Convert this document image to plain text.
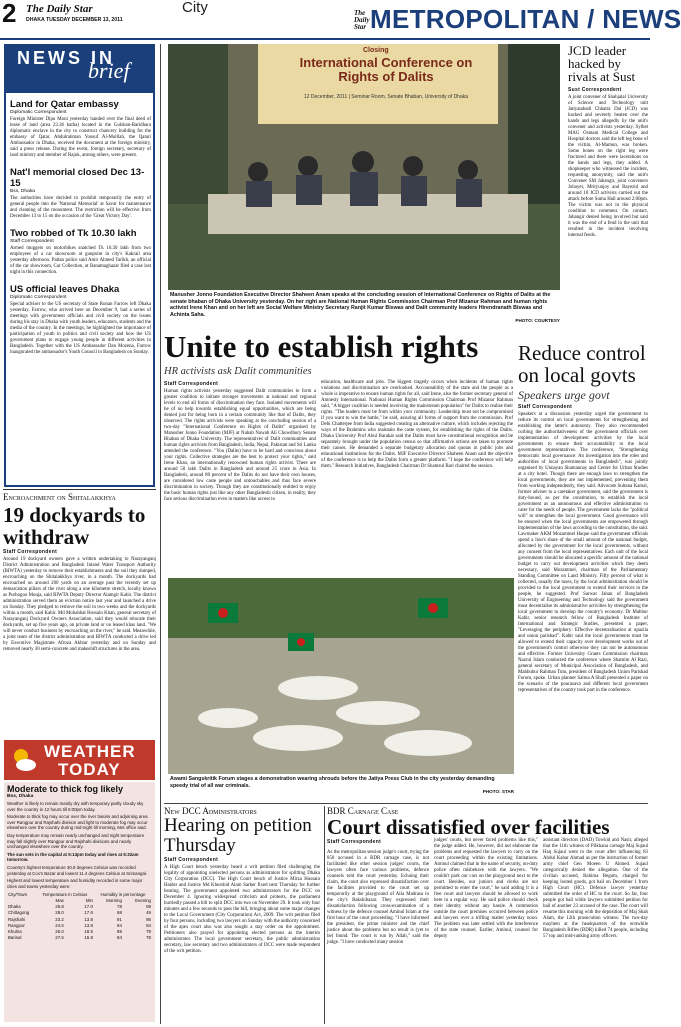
2 The Daily Star
DHAKA TUESDAY DECEMBER 13, 2011
City	The Daily Star METROPOLITAN / NEWS
NEWS IN
brief
Land for Qatar embassy
Diplomatic Correspondent
Foreign Minister Dipu Moni yesterday handed over the final deed of lease of land (area 23.36 katha) located in the Gulshan-Baridhara diplomatic enclave in the city to construct chancery building for the embassy of Qatar. Abdulrahman Yousuf Al-Mulllah, the Qatari Ambassador in Dhaka, received the document at the foreign ministry, said a press release. During the event, foreign secretary, secretary of land ministry and member of Rajuk, among others, were present.
Nat'l memorial closed Dec 13-15
Bss, Dhaka
The authorities have decided to prohibit temporarily the entry of general people into the 'National Memorial' at Savar for maintenance and cleaning of the monument. The restriction will be effective from December 13 to 15 on the occasion of the 'Great Victory Day'.
Two robbed of Tk 10.30 lakh
Staff Correspondent
Armed muggers on motorbikes snatched Tk 10.30 lakh from two employees of a car showroom at gunpoint in city's Kakrail area yesterday afternoon. Paltan police said Amir Ahmed Tarikh, an official of the car showroom, Car Collection, at Banamaghazar filed a case last night in this connection.
US official leaves Dhaka
Diplomatic Correspondent
Special adviser to the US secretary of State Ronan Farrow left Dhaka yesterday. Farrow, who arrived here on December 9, had a series of meetings with government officials and civil society on the issues during his stay in Dhaka with youth leaders, educators, students and the media of the country. In the meetings, he highlighted the importance of participation of youth in politics and civil society and how the US government plans to engage young people in different activities in Bangladesh. Together with the US Ambassador Dan Mozena, Farrow inaugurated the ambassador's Youth Council in Bangladesh on Sunday.
Encroachment on Shitalakkhya
19 dockyards to withdraw
Staff Correspondent
Around 19 dockyard owners gave a written undertaking to Narayanganj District Administration and Bangladesh Inland Water Transport Authority (BIWTA) yesterday to remove their establishments and the soil they dumped, encroaching on the Shitalakkhya river, in a month. The dockyards had encroached on around 200 yards on an average past the recently set up demarcation pillars of the river along a one kilometre stretch, locally known as Purbogoo Mouja, said BIWTA Deputy Director Alamgir Kabir. The district administration served them an eviction notice last year and launched a drive on Sunday. They pledged to remove the soil in two weeks and the dockyards within a month, said Kabir. Md Mobahbat Hossain Khan, general secretary of Narayanganj Dockyard Owners Association, said they would relocate their dockyards, set up five years ago, on private land or on leased khas land. "We will never conduct business by encroaching on the river," he said. Meanwhile, a joint team of the district administration and BIWTA conducted a drive led by Executive Magistrate Afroza Akhtar yesterday and on Sunday and removed nearly 30 semi-concrete and makeshift structures in the area.
WEATHER
TODAY
Moderate to thick fog likely
Bss, Dhaka
Weather is likely to remain mainly dry with temporary partly cloudy sky over the country in 12 hours till 6:00pm today.
Moderate to thick fog may occur over the river basins and adjoining area over Rangpur and Rajshahi division and light to moderate fog may occur elsewhere over the country during mid-night till morning, Met office said.
Day temperature may remain nearly unchanged and night temperature may fall slightly over Rangpur and Rajshahi divisions and nearly unchanged elsewhere over the country.
The sun sets in the capital at 5:13pm today and rises at 6:32am tomorrow.
Country's highest temperature 30.8 degrees Celsius was recorded yesterday at Cox's Bazar and lowest 11.4 degrees Celsius at Srimangal.
Highest and lowest temperature and humidity recorded in some major cities and towns yesterday were:
City/Town	Temperature in Celsius		Humidity in percentage	
	Max	Min	Morning	Evening
Dhaka	25.8	17.0	78	59
Chittagong	28.0	17.6	68	49
Rajshahi	23.2	13.8	91	86
Rangpur	24.5	13.8	94	84
Khulna	26.0	18.5	89	79
Barisal	27.5	16.8	84	78
Closing
International Conference on Rights of Dalits
12 December, 2011 | Seminar Room, Senate Bhaban, University of Dhaka
Manusher Jonno Foundation Executive Director Shaheen Anam speaks at the concluding session of International Conference on Rights of Dalits at the senate bhaban of Dhaka University yesterday. On her right are National Human Rights Commission Chairman Prof Mizanur Rahman and human rights activist Irene Khan and on her left are Social Welfare Ministry Secretary Ranjit Kumar Biswas and Dalit community leaders Hirendranath Biswas and Achinta Saha.
PHOTO: COURTESY
Unite to establish rights
HR activists ask Dalit communities
Staff Correspondent
Human rights activists yesterday suggested Dalit communities to form a greater coalition to initiate stronger movements at national and regional levels to end all forms of discrimination they face. Isolated movements will be of no help towards establishing equal opportunities, which are being denied just for being born in a certain community like that of Dalits, they observed. The rights activists were speaking at the concluding session of a two-day "International Conference on Rights of Dalits" organised by Manusher Jonno Foundation (MJF) at Nabab Nawab Ali Chowdhury Senate Bhaban of Dhaka University. The representatives of Dalit communities and human rights activists from Bangladesh, India, Nepal, Pakistan and Sri Lanka attended the conference. "You (Dalits) have to be hard and conscious about your rights. Collective strategies are the best to protect your rights," said Irene Khan, an internationally renowned human rights activist. There are around 50 lakh Dalits in Bangladesh and around 25 crore in Asia. In Bangladesh, around 80 percent of the Dalits do not have their own houses, are considered low caste people and untouchables and thus face severe discrimination in society. Though they are constitutionally entitled to enjoy the basic human rights just like any other Bangladeshi citizen, in reality, they face serious discrimination even in matters like access to
education, healthcare and jobs. The biggest tragedy occurs when incidents of human rights violations and discrimination are overlooked. Accountability of the state and the people as a whole is imperative to ensure human rights for all, said Irene, also the former secretary general of Amnesty International. National Human Rights Commission Chairman Prof Mizanur Rahman said, "A bigger coalition is needed involving the mainstream population" for Dalits to realise their rights. "The leaders must be from within your community. Leadership must not be compromised if you want to win the battle," he said, assuring all forms of support from the commission. Prof Debi Chatterjee from India suggested creating an alternative culture, which includes rejecting the ways of the Brahmins who maintain the caste system, for establishing the rights of the Dalits. Dhaka University Prof Abul Barakat said the Dalits must have constitutional recognition and be separately brought under the population census so that affirmative actions are taken to promote their causes. He demanded a separate budgetary allocation and quotas in public jobs and educational institutions for the Dalits. MJF Executive Director Shaheen Anam said the objective of the conference is to help the Dalits form a greater platform. "I hope the conference will help them." Research Initiatives, Bangladesh Chairman Dr Shamsul Bari chaired the session.
Awami Sangskritik Forum stages a demonstration wearing shrouds before the Jatiya Press Club in the city yesterday demanding speedy trial of all war criminals.
PHOTO: STAR
JCD leader hacked by rivals at Sust
Sust Correspondent
A joint convener of Shahjalal University of Science and Technology unit Jatiyatabadi Chhatra Dal (JCD) was hacked and severely beaten over the hands and legs allegedly by the unit's convener and activists yesterday. Sylhet MAG Osmani Medical College and Hospital doctors said the left leg bone of the victim, Al-Mamun, was broken. Some bones on the right leg were fractured and there were lacerations on the hands and legs, they added. A shopkeeper who witnessed the incident, requesting anonymity, said the unit's Convener SM Jahangir, joint conveners Jobayer, Mrityunjoy and Bayezid and around 10 JCD activists carried out the attack before Suma Hall around 2:00pm. The victim was not in the physical condition to comment. On contact, Jahangir denied being involved but said it was the end of a feud in the unit that resulted in the incident involving internal feuds.
Reduce control on local govts
Speakers urge govt
Staff Correspondent
Speakers at a discussion yesterday urged the government to reduce its control on local governments for strengthening and establishing the latter's autonomy. They also recommended curbing the authoritativeness of the government officials over implementation of development activities by the local governments to ensure their accountability to the local government representatives. The conference, "Strengthening democratic local governance: An investigation into the roles and authorities of local governments in Bangladesh", was jointly organised by Unnayan Shamannay and Centre for Urban Studies at a city hotel. Though there are enough laws to strengthen the local governments, they are not implemented, preventing them from working independently, they said. Advocate Sultana Kamal, former adviser to a caretaker government, said the government is duty-bound, as per the constitution, to establish the local government as an autonomous and effective administration to cater for the needs of people. The government lacks the "political will" to strengthen the local government. Good governance will be ensured when the local governments are empowered through implementation of the laws according to the constitution, she said. Lawmaker AKM Mozammel Haque said the government officials spend a lion's share of the small amount of the national budget, allocated by the government for the local governments, without any consent from the local representatives. Each unit of the local governments should be allocated a specific amount of the national budget to carry out development activities which they deem necessary, said Mozammel, chairman of the Parliamentary Standing Committee on Land Ministry. Fifty percent of what is collected, usually the taxes, by the local administration should be provided to the local government to extend their services to the people, he suggested. Prof Sarwar Jahan of Bangladesh University of Engineering and Technology said the government must decentralise its administrative activities by strengthening the local government to develop the country's economy. Dr Mahbur Kabir, senior research fellow of Bangladesh Institute of International and Strategic Studies, presented a paper, "Leveraging the periphery: Effective decentralisation at upazila and union parishad". Kabir said the local governments must be allowed to extend their capacity over development works out of the government's control otherwise they can not be autonomous and effective. Former University Grants Commission chairman Nazrul Islam conducted the conference where Shamim Al Razi, general secretary of Municipal Association of Bangladesh, and Mahbubur Rahman Tutu, president of Bangladesh Union Parishad Forum, spoke. Urban planner Salma A Shafi presented a paper on the scenario of the pourasava and different local government representatives of the country took part in the conference.
New DCC Administrators
Hearing on petition Thursday
Staff Correspondent
A High Court bench yesterday heard a writ petition filed challenging the legality of appointing unelected persons as administrators for splitting Dhaka City Corporation (DCC). The High Court bench of Justice Mirza Hussain Haider and Justice Md Khurshid Alam Sarker fixed next Thursday for further hearing. The government appointed two administrators for the DCC on December 4. Ignoring widespread criticism and protests, the parliament hurriedly passed a bill to split DCC into two on November 29. It took only four minutes and a few seconds to pass the bill, bringing about some major changes to the Local Government (City Corporation) Act, 2009. The writ petition filed by four persons, including two lawyers on Sunday with the authority concerned of the apex court also was also sought a stay order on the appointment. Petitioners also prayed for appointing elected persons as the interim administrator. The local government secretary, the public administration secretary, law secretary and two administrators of DCC were made respondent of the writ petition.
BDR Carnage Case
Court dissatisfied over facilities
Staff Correspondent
As the metropolitan session judge's court, trying the 850 accused in a BDR carnage case, is not facilitated like other session judges' courts, the lawyers often face various problems, defence counsels told the court yesterday. Echoing their claim, the court also expressed dissatisfaction over the facilities provided to the court set up temporarily at the playground of Alia Madrasa in the city's Bakshibazar. They expressed their dissatisfaction following cross-examination of a witness by the defence counsel Aminul Islam at the first hour of the court proceeding. "I have informed the president, the prime minister and the chief justice about the problems but no result is (yet to be) found. The court is run by Allah," said the judge. "I have conducted many session
judges' courts, but never faced problems like this," the judge added. He, however, did not elaborate the problems and requested the lawyers to carry on the court proceeding within the existing limitations. Aminul claimed that in the name of security, on-duty police often misbehave with the lawyers. "We couldn't park our cars on the playground next to the court. Besides, our juniors and clerks are not permitted to enter the court," he said adding it is a free court and lawyers should be allowed to work here in a regular way. He said police should check their identity without any hassle. A commotion outside the court premises occurred between police and lawyers over a trifling matter yesterday noon. The problem was later settled with the interference of the state counsel. Earlier, Aminul, counsel for deputy
assistant directors (DAD) Towhid and Nasir, alleged that the 11th witness of Pilkhana carnage Maj Sujaul Haq Sujaul went to the court after influencing 83 Abdul Kabar Ahmad as per the instruction of former army chief Gen Moeen U Ahmed. Sujaul categorically denied the allegation. One of the civilian accused, Rahima Begum, charged for keeping looted goods, got bail on December 1 from High Court (HC). Defence lawyer yesterday submitted the order of HC to the court. So far, four people got bail while lawyers submitted petition for bail of another 23 accused of the case. The court will resume this morning with the deposition of Maj Shah Alam, the 12th prosecution witness. The two-day mayhem at the headquarters of the erstwhile Bangladesh Rifles (BDR) killed 74 people, including 57 top and mid-ranking army officers.
